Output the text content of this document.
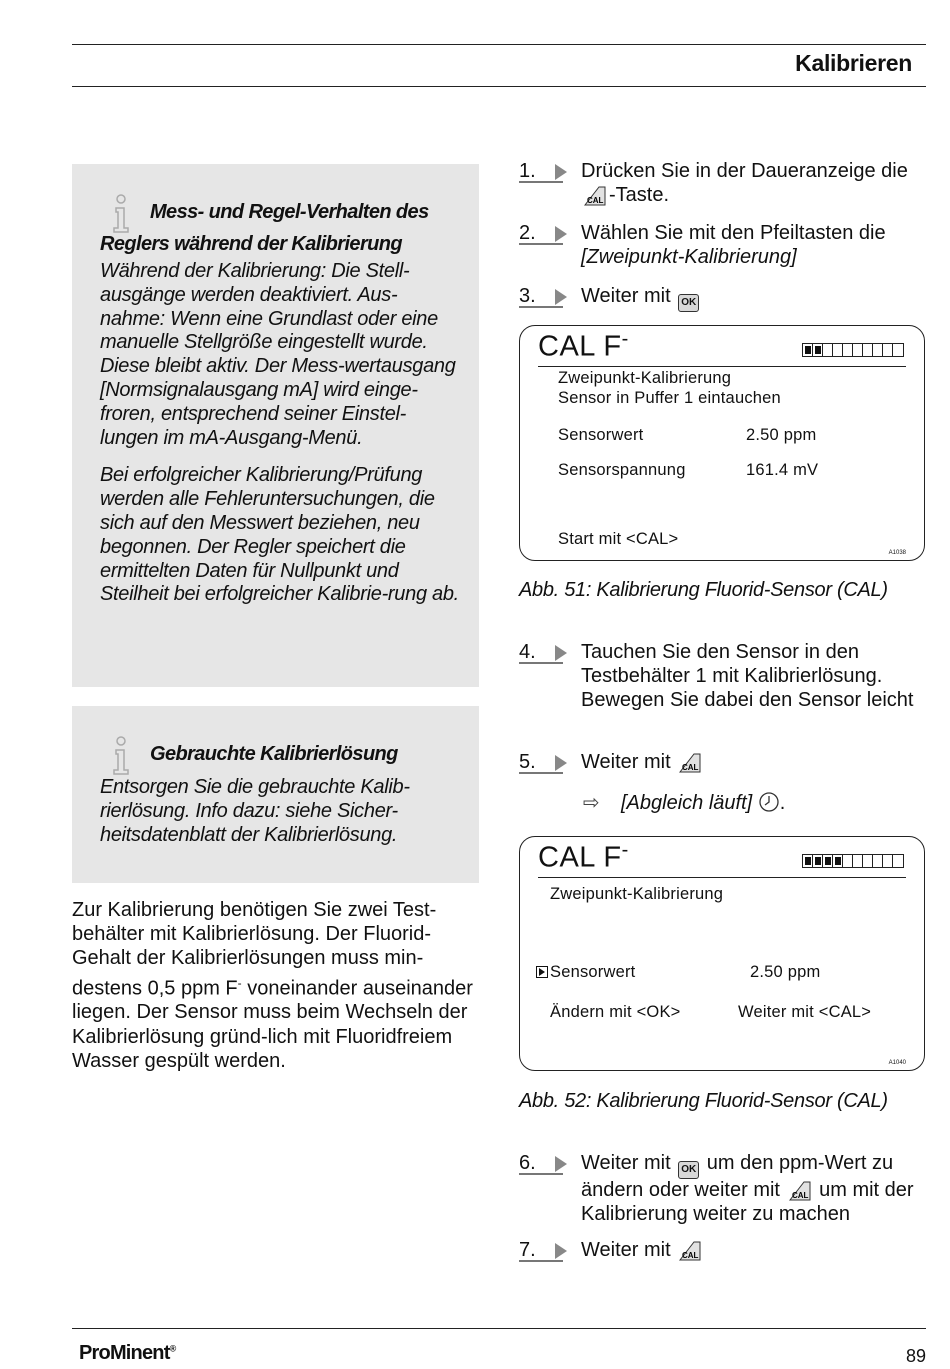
Kalibrieren
Mess- und Regel-Verhalten des
Reglers während der Kalibrierung

Während der Kalibrierung: Die Stell-ausgänge werden deaktiviert. Aus-nahme: Wenn eine Grundlast oder eine manuelle Stellgröße eingestellt wurde. Diese bleibt aktiv. Der Mess-wertausgang [Normsignalausgang mA] wird einge-froren, entsprechend seiner Einstel-lungen im mA-Ausgang-Menü.

Bei erfolgreicher Kalibrierung/Prüfung werden alle Fehleruntersuchungen, die sich auf den Messwert beziehen, neu begonnen. Der Regler speichert die ermittelten Daten für Nullpunkt und Steilheit bei erfolgreicher Kalibrie-rung ab.

Gebrauchte Kalibrierlösung

Entsorgen Sie die gebrauchte Kalib-rierlösung. Info dazu: siehe Sicher-heitsdatenblatt der Kalibrierlösung.

Zur Kalibrierung benötigen Sie zwei Test-behälter mit Kalibrierlösung. Der Fluorid-Gehalt der Kalibrierlösungen muss min-destens 0,5 ppm F- voneinander auseinander liegen. Der Sensor muss beim Wechseln der Kalibrierlösung gründ-lich mit Fluoridfreiem Wasser gespült werden.

1. Drücken Sie in der Daueranzeige die
CAL -Taste.
2. Wählen Sie mit den Pfeiltasten die [Zweipunkt-Kalibrierung]
3. Weiter mit OK
CAL F-
Zweipunkt-Kalibrierung
Sensor in Puffer 1 eintauchen
Sensorwert	2.50 ppm
Sensorspannung	161.4 mV
Start mit <CAL>
A1038
Abb. 51: Kalibrierung Fluorid-Sensor (CAL)
4. Tauchen Sie den Sensor in den Testbehälter 1 mit Kalibrierlösung. Bewegen Sie dabei den Sensor leicht
5. Weiter mit CAL
⇨ [Abgleich läuft] .
CAL F-
Zweipunkt-Kalibrierung
Sensorwert	2.50 ppm
Ändern mit <OK>	Weiter mit <CAL>
A1040
Abb. 52: Kalibrierung Fluorid-Sensor (CAL)
6. Weiter mit OK um den ppm-Wert zu ändern oder weiter mit CAL um mit der Kalibrierung weiter zu machen
7. Weiter mit CAL
ProMinent®	89
